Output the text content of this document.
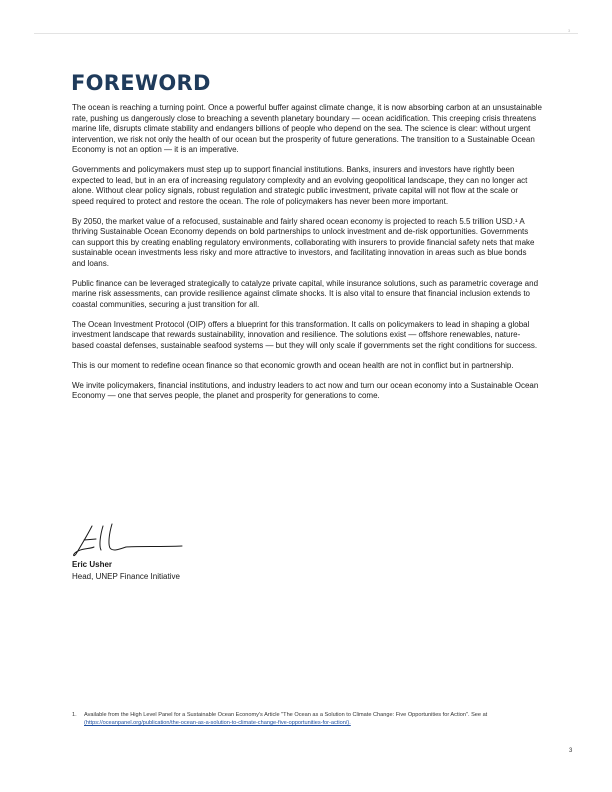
3
FOREWORD

The ocean is reaching a turning point. Once a powerful buffer against climate change, it is now absorbing carbon at an unsustainable rate, pushing us dangerously close to breaching a seventh planetary boundary — ocean acidification. This creeping crisis threatens marine life, disrupts climate stability and endangers billions of people who depend on the sea. The science is clear: without urgent intervention, we risk not only the health of our ocean but the prosperity of future generations. The transition to a Sustainable Ocean Economy is not an option — it is an imperative.

Governments and policymakers must step up to support financial institutions. Banks, insurers and investors have rightly been expected to lead, but in an era of increasing regulatory complexity and an evolving geopolitical landscape, they can no longer act alone. Without clear policy signals, robust regulation and strategic public investment, private capital will not flow at the scale or speed required to protect and restore the ocean. The role of policymakers has never been more important.

By 2050, the market value of a refocused, sustainable and fairly shared ocean economy is projected to reach 5.5 trillion USD.¹ A thriving Sustainable Ocean Economy depends on bold partnerships to unlock investment and de-risk opportunities. Governments can support this by creating enabling regulatory environments, collaborating with insurers to provide financial safety nets that make sustainable ocean investments less risky and more attractive to investors, and facilitating innovation in areas such as blue bonds and loans.

Public finance can be leveraged strategically to catalyze private capital, while insurance solutions, such as parametric coverage and marine risk assessments, can provide resilience against climate shocks. It is also vital to ensure that financial inclusion extends to coastal communities, securing a just transition for all.

The Ocean Investment Protocol (OIP) offers a blueprint for this transformation. It calls on policymakers to lead in shaping a global investment landscape that rewards sustainability, innovation and resilience. The solutions exist — offshore renewables, nature-based coastal defenses, sustainable seafood systems — but they will only scale if governments set the right conditions for success.

This is our moment to redefine ocean finance so that economic growth and ocean health are not in conflict but in partnership.

We invite policymakers, financial institutions, and industry leaders to act now and turn our ocean economy into a Sustainable Ocean Economy — one that serves people, the planet and prosperity for generations to come.

Eric Usher
Head, UNEP Finance Initiative
1.	Available from the High Level Panel for a Sustainable Ocean Economy's Article "The Ocean as a Solution to Climate Change: Five Opportunities for Action". See at (https://oceanpanel.org/publication/the-ocean-as-a-solution-to-climate-change-five-opportunities-for-action/).
3
